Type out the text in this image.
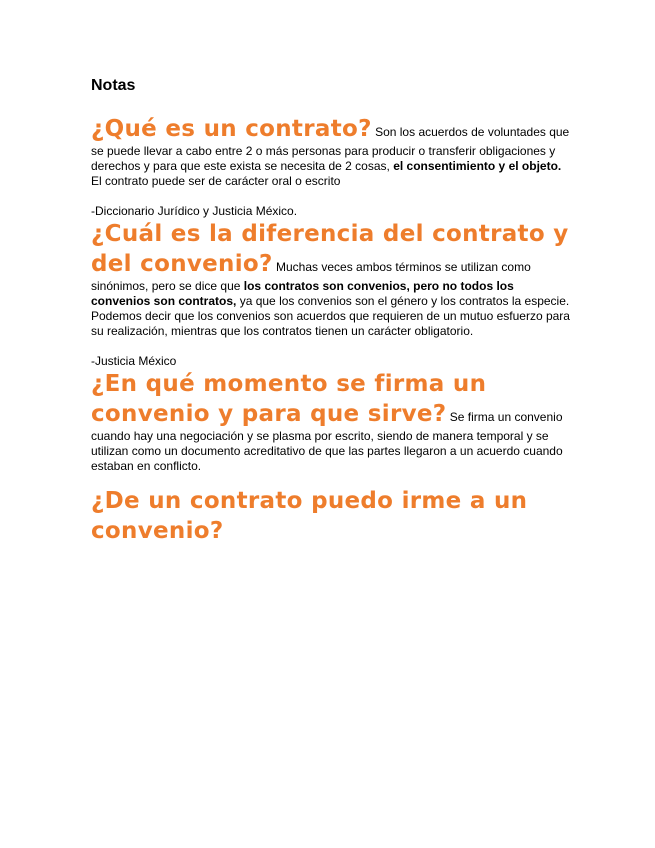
Notas

¿Qué es un contrato? Son los acuerdos de voluntades que se puede llevar a cabo entre 2 o más personas para producir o transferir obligaciones y derechos y para que este exista se necesita de 2 cosas, el consentimiento y el objeto.
El contrato puede ser de carácter oral o escrito

-Diccionario Jurídico y Justicia México.

¿Cuál es la diferencia del contrato y del convenio? Muchas veces ambos términos se utilizan como sinónimos, pero se dice que los contratos son convenios, pero no todos los convenios son contratos, ya que los convenios son el género y los contratos la especie.
Podemos decir que los convenios son acuerdos que requieren de un mutuo esfuerzo para su realización, mientras que los contratos tienen un carácter obligatorio.

-Justicia México

¿En qué momento se firma un convenio y para que sirve? Se firma un convenio cuando hay una negociación y se plasma por escrito, siendo de manera temporal y se utilizan como un documento acreditativo de que las partes llegaron a un acuerdo cuando estaban en conflicto.

¿De un contrato puedo irme a un convenio?
